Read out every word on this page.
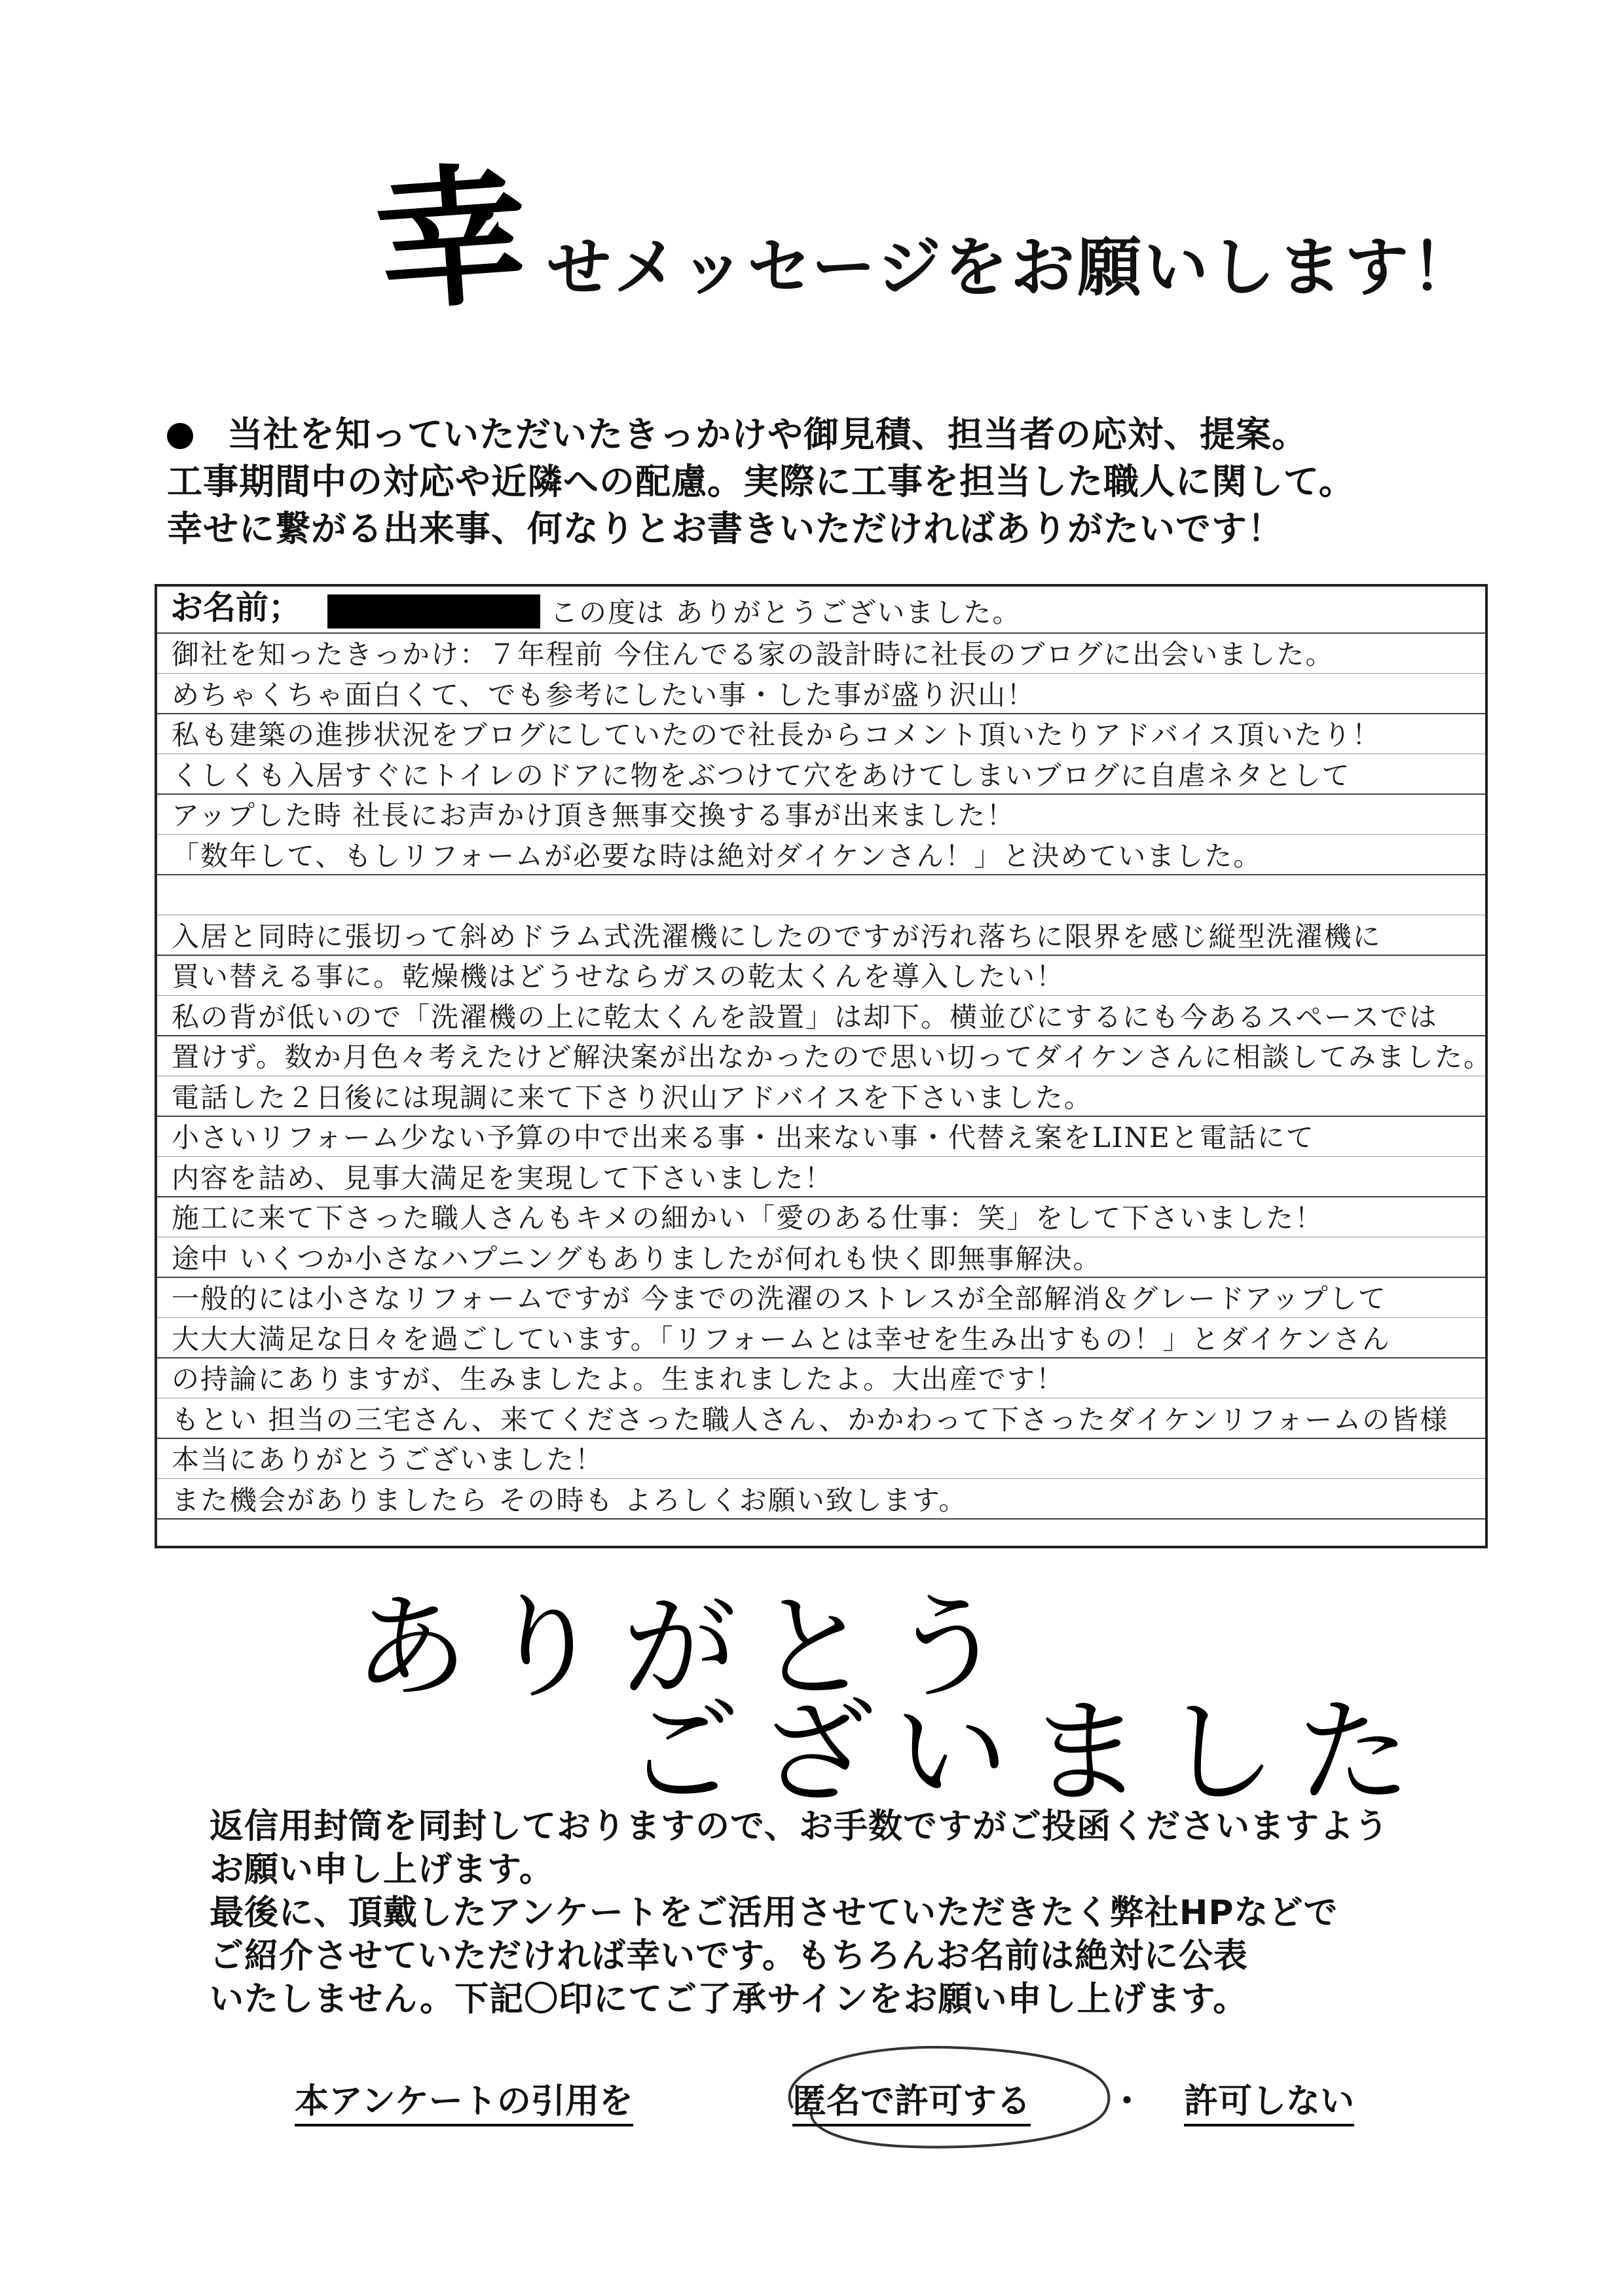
幸 せメッセージをお願いします！
当社を知っていただいたきっかけや御見積、担当者の応対、提案。
工事期間中の対応や近隣への配慮。実際に工事を担当した職人に関して。
幸せに繋がる出来事、何なりとお書きいただければありがたいです！
お名前；	この度は ありがとうございました。
御社を知ったきっかけ：７年程前 今住んでる家の設計時に社長のブログに出会いました。
めちゃくちゃ面白くて、でも参考にしたい事・した事が盛り沢山！
私も建築の進捗状況をブログにしていたので社長からコメント頂いたりアドバイス頂いたり！
くしくも入居すぐにトイレのドアに物をぶつけて穴をあけてしまいブログに自虐ネタとして
アップした時 社長にお声かけ頂き無事交換する事が出来ました！
「数年して、もしリフォームが必要な時は絶対ダイケンさん！」と決めていました。
入居と同時に張切って斜めドラム式洗濯機にしたのですが汚れ落ちに限界を感じ縦型洗濯機に
買い替える事に。乾燥機はどうせならガスの乾太くんを導入したい！
私の背が低いので「洗濯機の上に乾太くんを設置」は却下。横並びにするにも今あるスペースでは
置けず。数か月色々考えたけど解決案が出なかったので思い切ってダイケンさんに相談してみました。
電話した２日後には現調に来て下さり沢山アドバイスを下さいました。
小さいリフォーム少ない予算の中で出来る事・出来ない事・代替え案をLINEと電話にて
内容を詰め、見事大満足を実現して下さいました！
施工に来て下さった職人さんもキメの細かい「愛のある仕事：笑」をして下さいました！
途中 いくつか小さなハプニングもありましたが何れも快く即無事解決。
一般的には小さなリフォームですが 今までの洗濯のストレスが全部解消＆グレードアップして
大大大満足な日々を過ごしています。「リフォームとは幸せを生み出すもの！」とダイケンさん
の持論にありますが、生みましたよ。生まれましたよ。大出産です！
もとい 担当の三宅さん、来てくださった職人さん、かかわって下さったダイケンリフォームの皆様
本当にありがとうございました！
また機会がありましたら その時も よろしくお願い致します。
ありがとう
ございました
返信用封筒を同封しておりますので、お手数ですがご投函くださいますよう
お願い申し上げます。
最後に、頂戴したアンケートをご活用させていただきたく弊社HPなどで
ご紹介させていただければ幸いです。もちろんお名前は絶対に公表
いたしません。下記〇印にてご了承サインをお願い申し上げます。
本アンケートの引用を	匿名で許可する ・ 許可しない
